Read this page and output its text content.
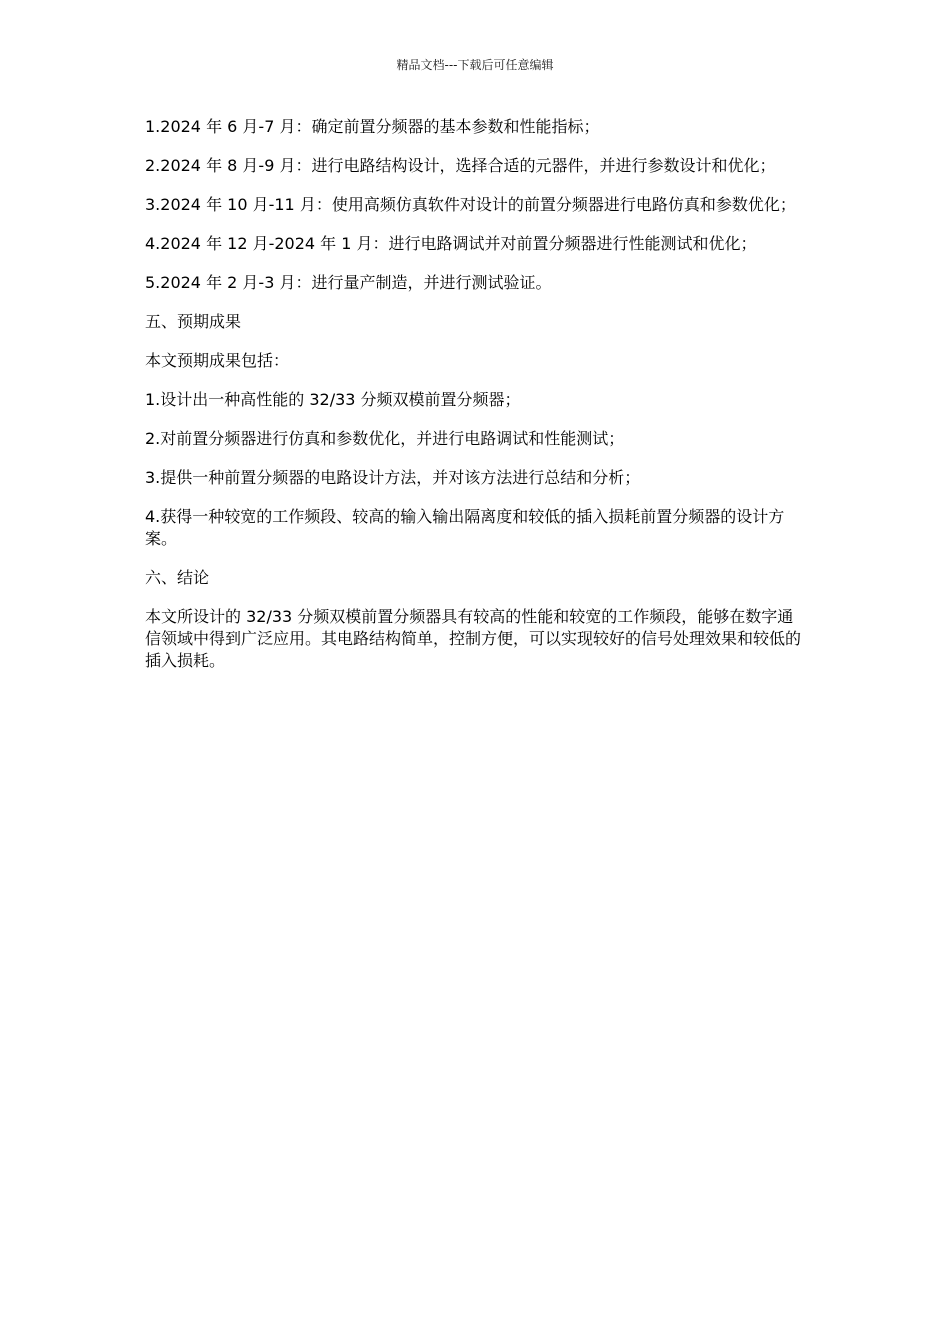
精品文档---下载后可任意编辑

1.2024 年 6 月-7 月：确定前置分频器的基本参数和性能指标；

2.2024 年 8 月-9 月：进行电路结构设计，选择合适的元器件，并进行参数设计和优化；

3.2024 年 10 月-11 月：使用高频仿真软件对设计的前置分频器进行电路仿真和参数优化；

4.2024 年 12 月-2024 年 1 月：进行电路调试并对前置分频器进行性能测试和优化；

5.2024 年 2 月-3 月：进行量产制造，并进行测试验证。

五、预期成果

本文预期成果包括：

1.设计出一种高性能的 32/33 分频双模前置分频器；

2.对前置分频器进行仿真和参数优化，并进行电路调试和性能测试；

3.提供一种前置分频器的电路设计方法，并对该方法进行总结和分析；

4.获得一种较宽的工作频段、较高的输入输出隔离度和较低的插入损耗前置分频器的设计方案。

六、结论

本文所设计的 32/33 分频双模前置分频器具有较高的性能和较宽的工作频段，能够在数字通信领域中得到广泛应用。其电路结构简单，控制方便，可以实现较好的信号处理效果和较低的插入损耗。
